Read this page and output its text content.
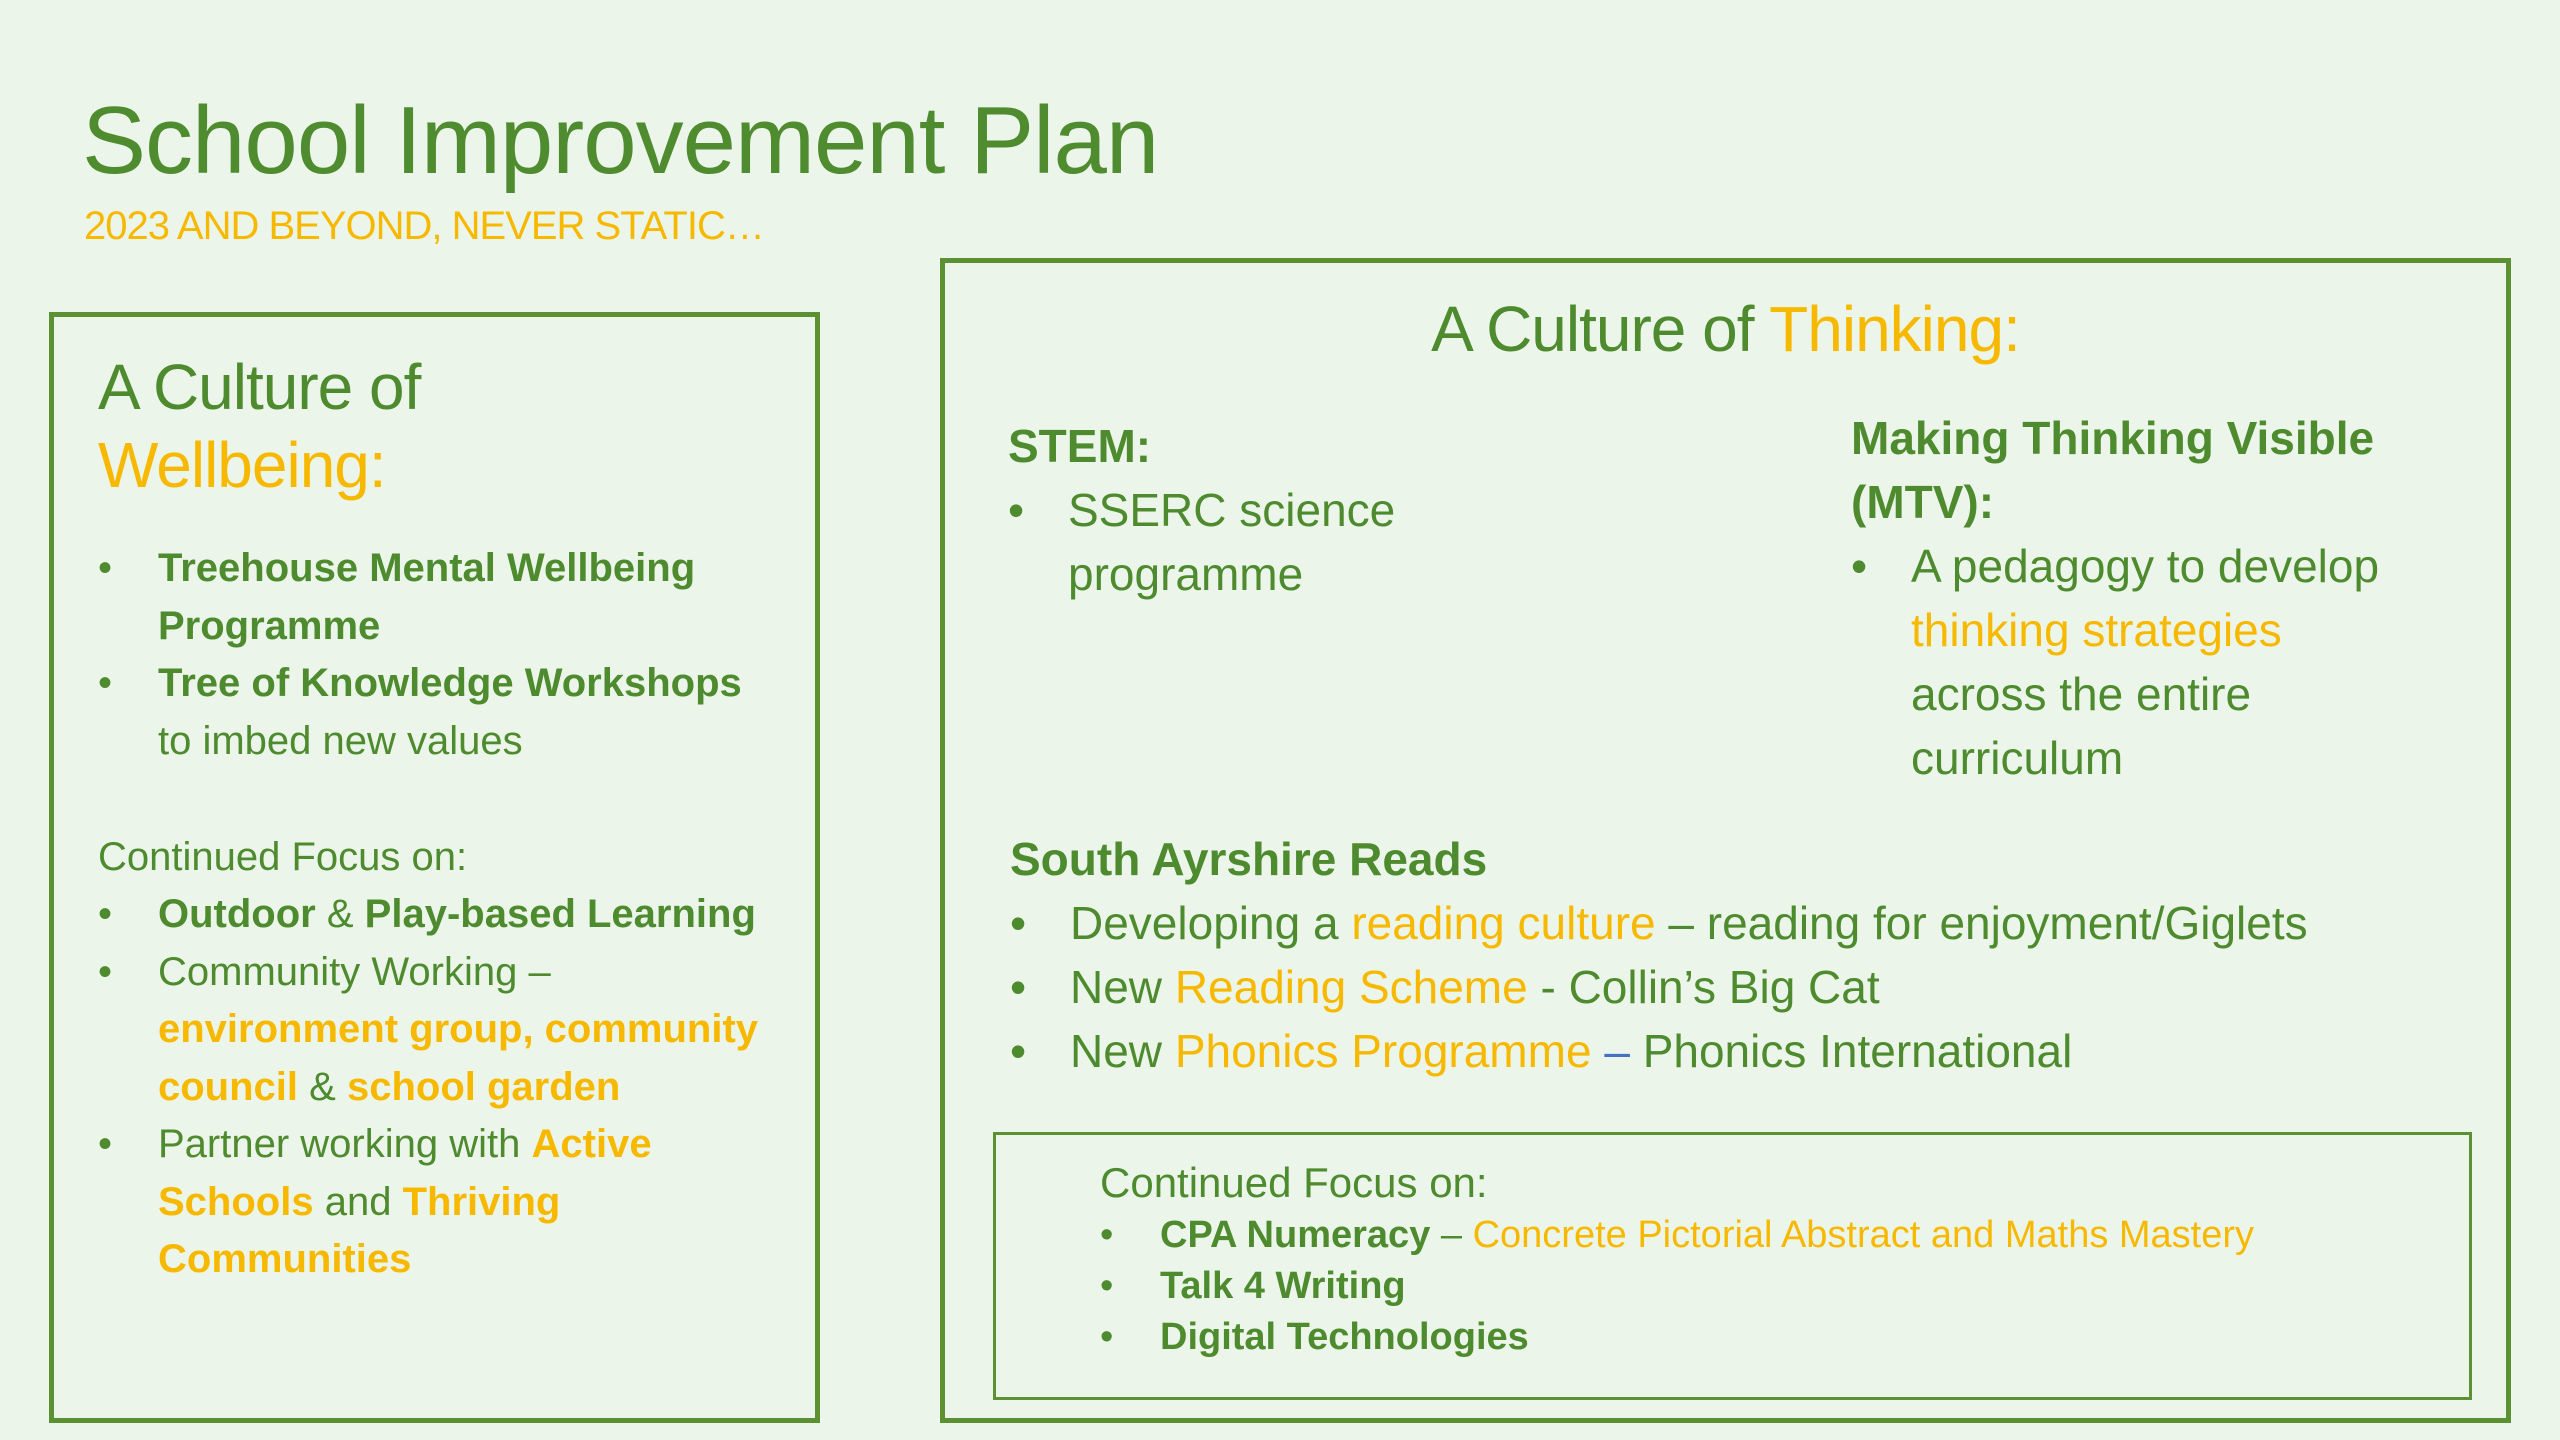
School Improvement Plan
2023 AND BEYOND, NEVER STATIC…
A Culture of
Wellbeing:
• Treehouse Mental Wellbeing Programme
• Tree of Knowledge Workshops
to imbed new values
Continued Focus on:
• Outdoor & Play-based Learning
• Community Working –
environment group, community council & school garden
• Partner working with Active Schools and Thriving Communities
A Culture of Thinking:
STEM:
• SSERC science programme
Making Thinking Visible (MTV):
• A pedagogy to develop
thinking strategies
across the entire curriculum
South Ayrshire Reads
• Developing a reading culture – reading for enjoyment/Giglets
• New Reading Scheme - Collin’s Big Cat
• New Phonics Programme – Phonics International
Continued Focus on:
• CPA Numeracy – Concrete Pictorial Abstract and Maths Mastery
• Talk 4 Writing
• Digital Technologies
